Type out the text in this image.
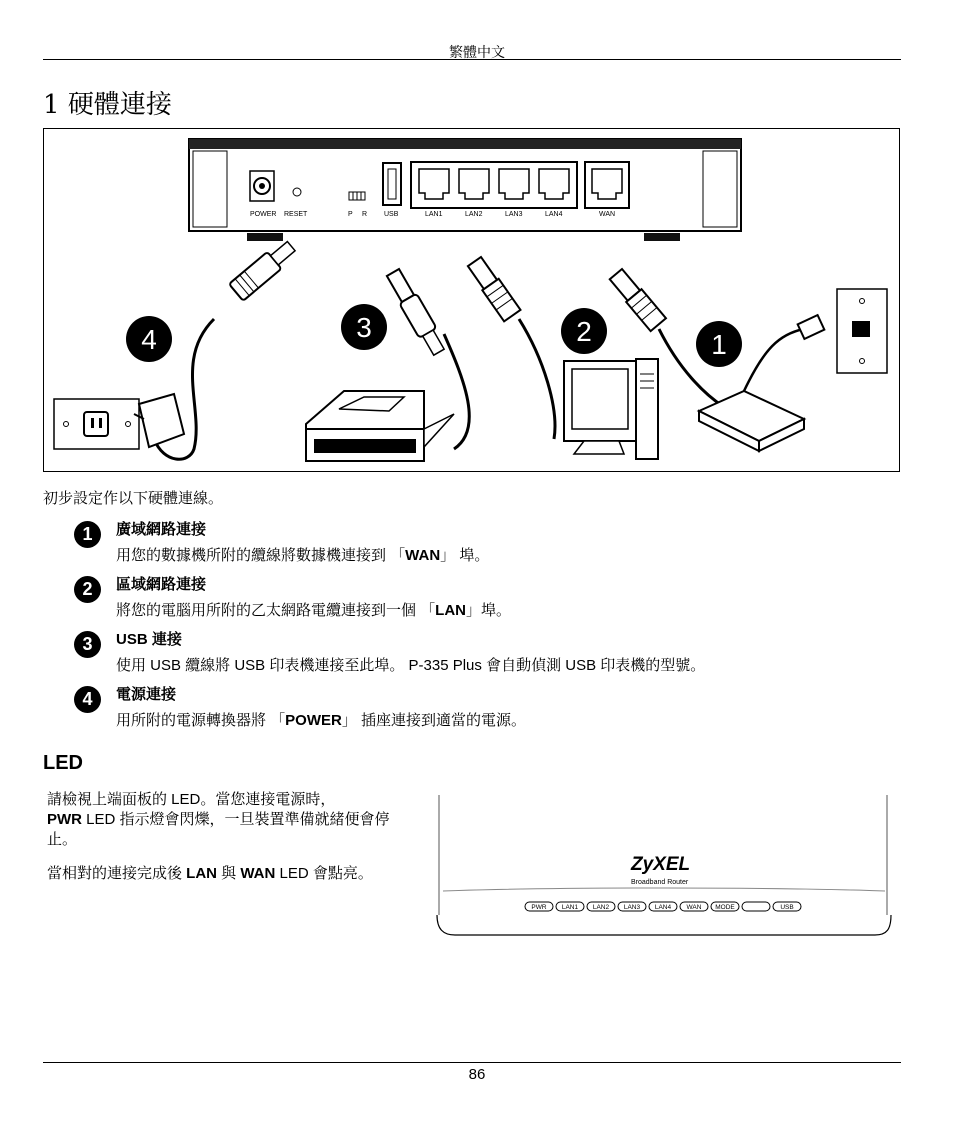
繁體中文
1 硬體連接
POWER RESET	P R USB	LAN1	LAN2	LAN3	LAN4	WAN
4	3	2	1
初步設定作以下硬體連線。
1	廣域網路連接
用您的數據機所附的纜線將數據機連接到 「WAN」 埠。
2	區域網路連接
將您的電腦用所附的乙太網路電纜連接到一個 「LAN」埠。
3	USB 連接
使用 USB 纜線將 USB 印表機連接至此埠。 P-335 Plus 會自動偵測 USB 印表機的型號。
4	電源連接
用所附的電源轉換器將 「POWER」 插座連接到適當的電源。
LED
請檢視上端面板的 LED。當您連接電源時，
PWR LED 指示燈會閃爍，一旦裝置準備就緒便會停止。
當相對的連接完成後 LAN 與 WAN LED 會點亮。	ZyXEL
Broadband Router
PWR LAN1 LAN2 LAN3 LAN4 WAN MODE	USB
86
